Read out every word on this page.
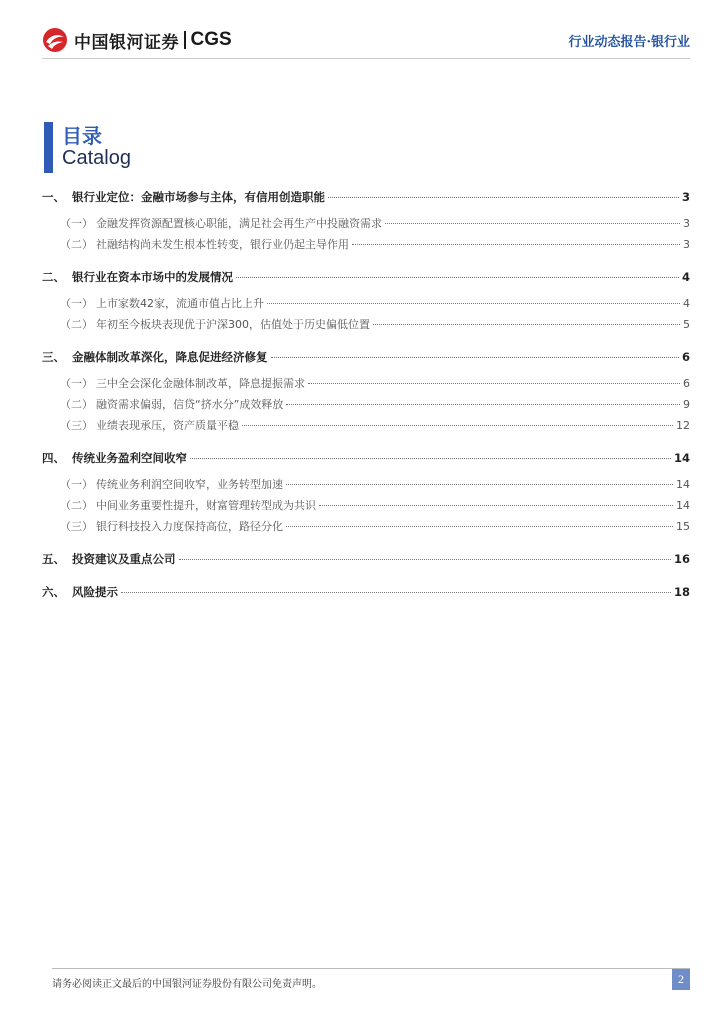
中国银河证券 CGS	行业动态报告·银行业
目录
Catalog
一、 银行业定位：金融市场参与主体，有信用创造职能	3
（一） 金融发挥资源配置核心职能，满足社会再生产中投融资需求	3
（二） 社融结构尚未发生根本性转变，银行业仍起主导作用	3
二、 银行业在资本市场中的发展情况	4
（一） 上市家数42家，流通市值占比上升	4
（二） 年初至今板块表现优于沪深300，估值处于历史偏低位置	5
三、 金融体制改革深化，降息促进经济修复	6
（一） 三中全会深化金融体制改革，降息提振需求	6
（二） 融资需求偏弱，信贷“挤水分”成效释放	9
（三） 业绩表现承压，资产质量平稳	12
四、 传统业务盈利空间收窄	14
（一） 传统业务利润空间收窄，业务转型加速	14
（二） 中间业务重要性提升，财富管理转型成为共识	14
（三） 银行科技投入力度保持高位，路径分化	15
五、 投资建议及重点公司	16
六、 风险提示	18
请务必阅读正文最后的中国银河证券股份有限公司免责声明。	2
